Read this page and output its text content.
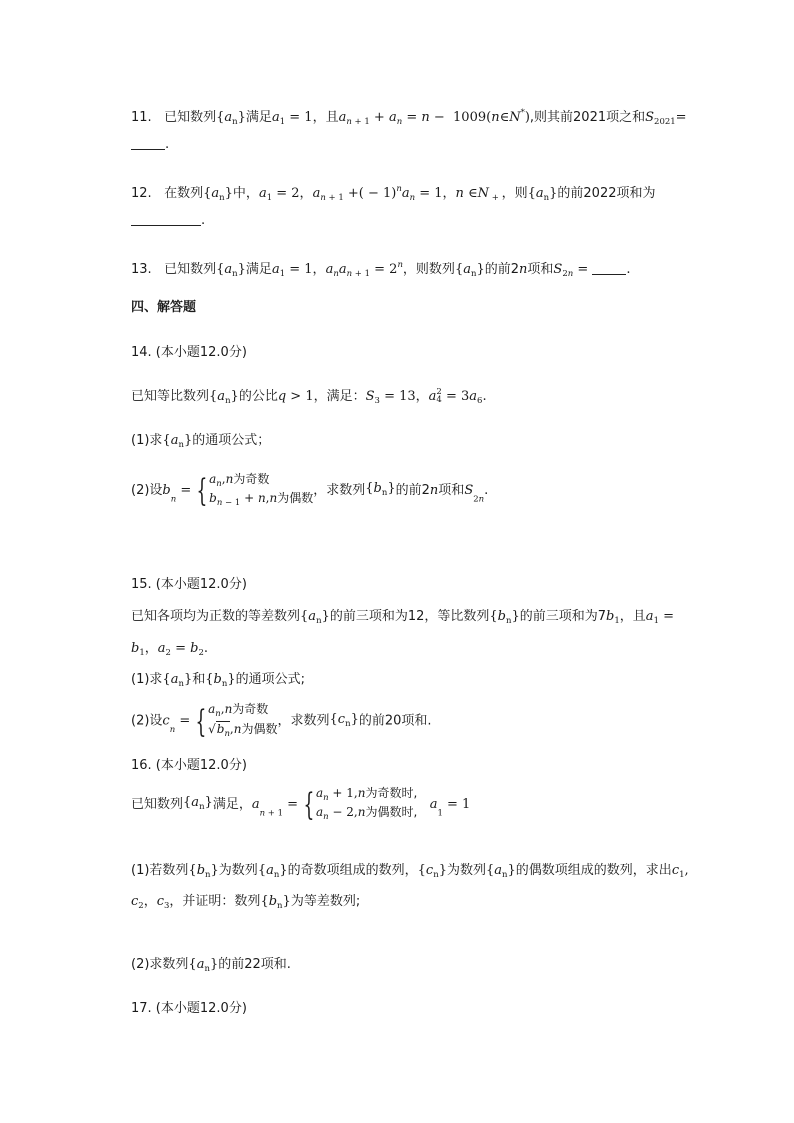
11. 已知数列$\{a_n\}$满足$a_1 = 1$，且$a_n$ $_{+ 1} + a_n = n$ −  1009(n∈N*),则其前2021项之和$S_{2021}=$
.
12. 在数列$\{a_n\}$中，$a_1 = 2$，$a_n$ $_{+ 1}$ +( − $1)^na_n = 1$，n ∈N $_+$ ，则$\{a_n\}$的前2022项和为
.
13. 已知数列$\{a_n\}$满足$a_1 = 1$，$a_na_n$ $_{+ 1} = 2^n$，则数列$\{a_n\}$的前2n项和$S_{2n}$ =	.
四、解答题
14. (本小题12.0分)
已知等比数列$\{a_n\}$的公比q > 1，满足：$S_3 = 13$，a 2
$4 = 3a_6$.
(1)求$\{a_n\}$的通项公式；
(2)设$b_n$ = { $a_n,n$为奇数
$b_n$ $_{- 1}$ + n,n为偶数 ，求数列$\{b_n\}$的前2n项和$S_{2n}$.
15. (本小题12.0分)
已知各项均为正数的等差数列$\{a_n\}$的前三项和为12，等比数列$\{b_n\}$的前三项和为$7b_1$，且$a_1$ =
$b_1$，$a_2 = b_2$.
(1)求$\{a_n\}$和$\{b_n\}$的通项公式;
(2)设$c_n$ = { $a_n,n$为奇数
$√b_n,n$为偶数
，求数列$\{c_n\}$的前20项和.
16. (本小题12.0分)
已知数列$\{a_n\}$满足，$a_n$ $_{+ 1}$ = { $a_n + 1,n$为奇数时,
$a_n - 2,n$为偶数时, $a_1 = 1$
(1)若数列$\{b_n\}$为数列$\{a_n\}$的奇数项组成的数列，$\{c_n\}$为数列$\{a_n\}$的偶数项组成的数列，求出$c_1$,
$c_2$，$c_3$，并证明：数列$\{b_n\}$为等差数列;
(2)求数列$\{a_n\}$的前22项和.
17. (本小题12.0分)
